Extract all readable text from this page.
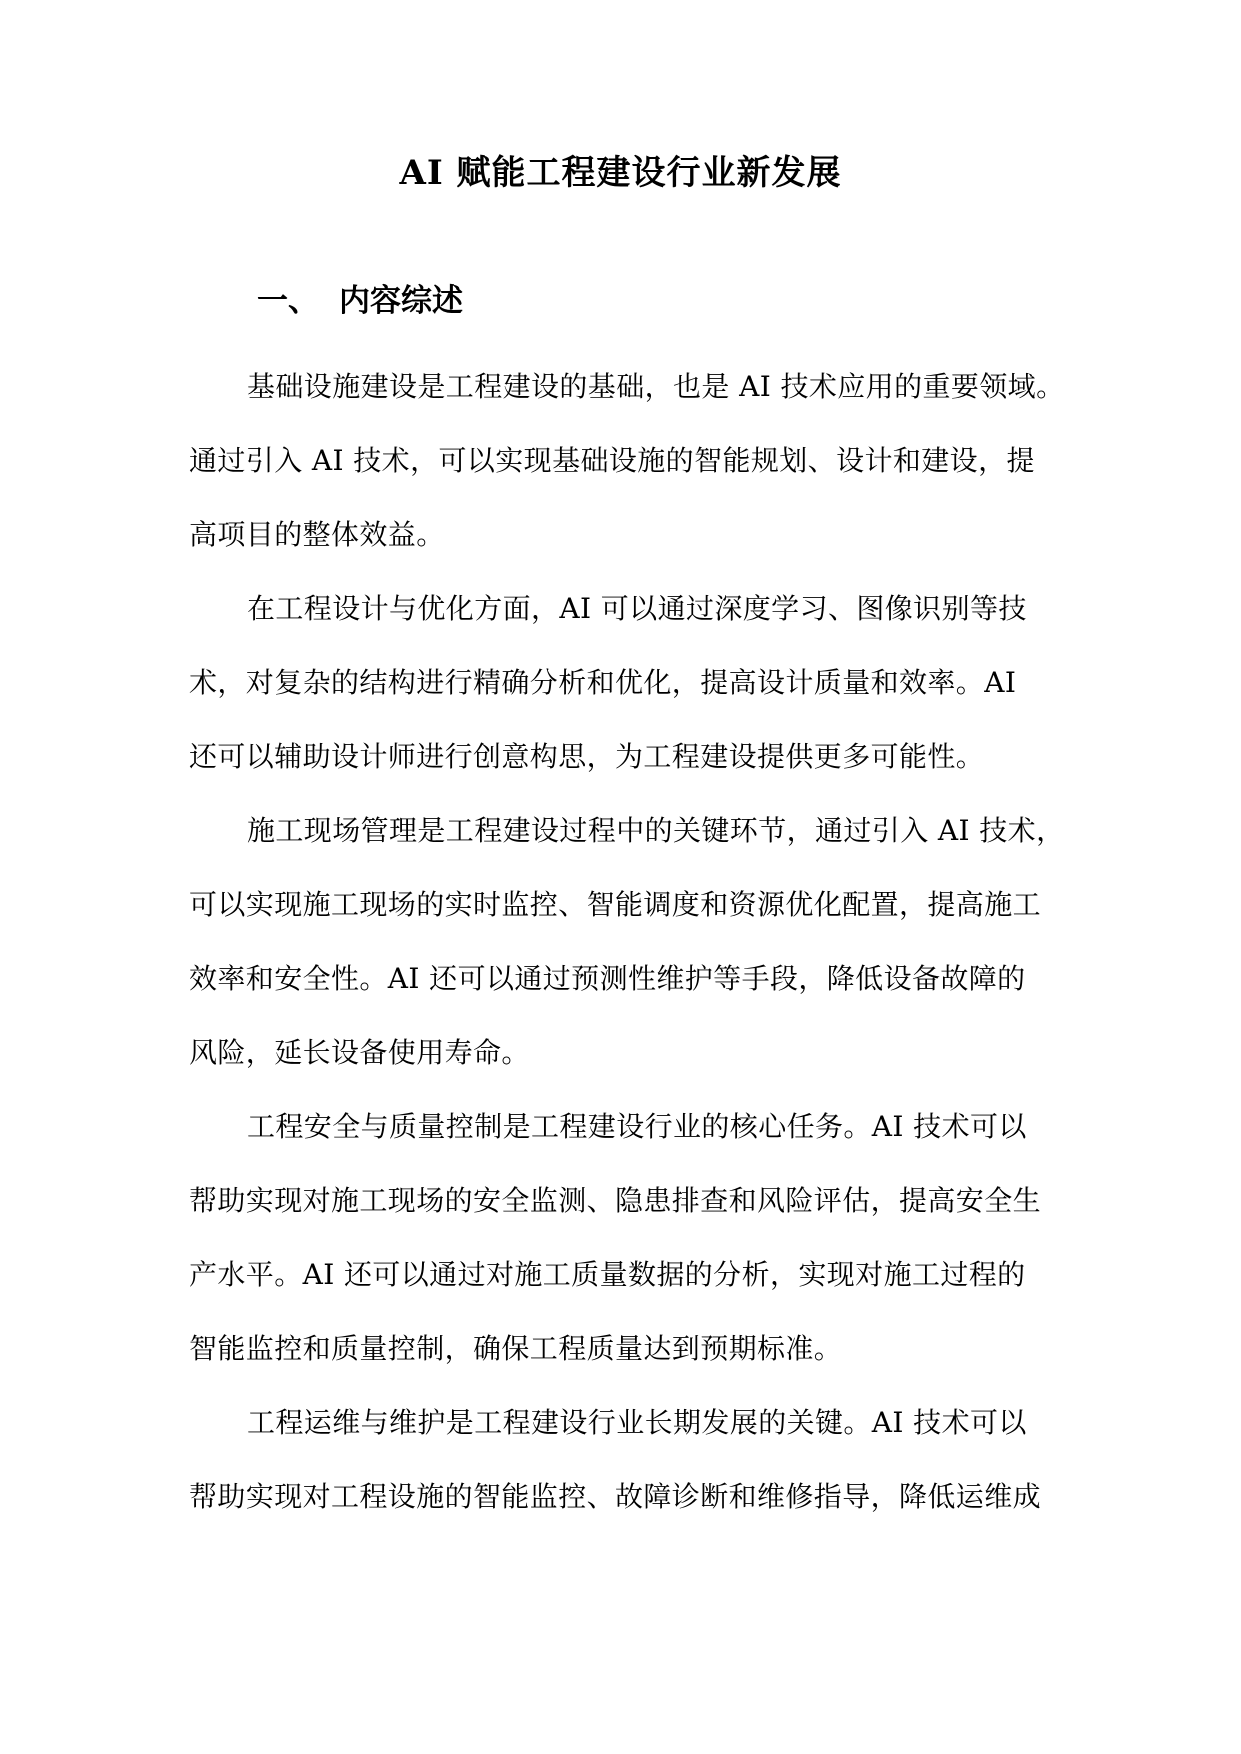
AI 赋能工程建设行业新发展
一、 内容综述
基础设施建设是工程建设的基础，也是 AI 技术应用的重要领域。
通过引入 AI 技术，可以实现基础设施的智能规划、设计和建设，提
高项目的整体效益。
在工程设计与优化方面，AI 可以通过深度学习、图像识别等技
术，对复杂的结构进行精确分析和优化，提高设计质量和效率。AI
还可以辅助设计师进行创意构思，为工程建设提供更多可能性。
施工现场管理是工程建设过程中的关键环节，通过引入 AI 技术，
可以实现施工现场的实时监控、智能调度和资源优化配置，提高施工
效率和安全性。AI 还可以通过预测性维护等手段，降低设备故障的
风险，延长设备使用寿命。
工程安全与质量控制是工程建设行业的核心任务。AI 技术可以
帮助实现对施工现场的安全监测、隐患排查和风险评估，提高安全生
产水平。AI 还可以通过对施工质量数据的分析，实现对施工过程的
智能监控和质量控制，确保工程质量达到预期标准。
工程运维与维护是工程建设行业长期发展的关键。AI 技术可以
帮助实现对工程设施的智能监控、故障诊断和维修指导，降低运维成
